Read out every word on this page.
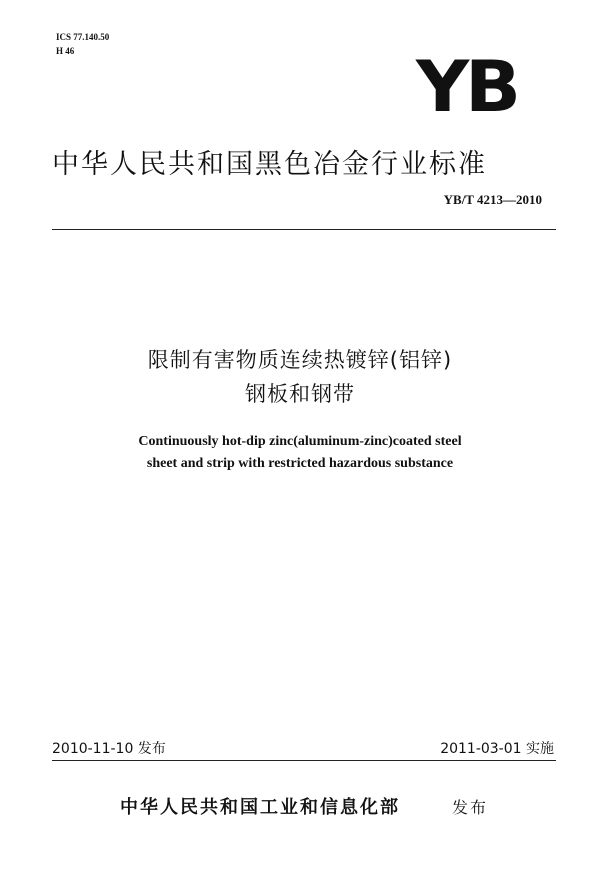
ICS 77.140.50
H 46	YB
中华人民共和国黑色冶金行业标准
YB/T 4213—2010
限制有害物质连续热镀锌(铝锌)
钢板和钢带
Continuously hot-dip zinc(aluminum-zinc)coated steel
sheet and strip with restricted hazardous substance
2010-11-10 发布	2011-03-01 实施
中华人民共和国工业和信息化部	发布
